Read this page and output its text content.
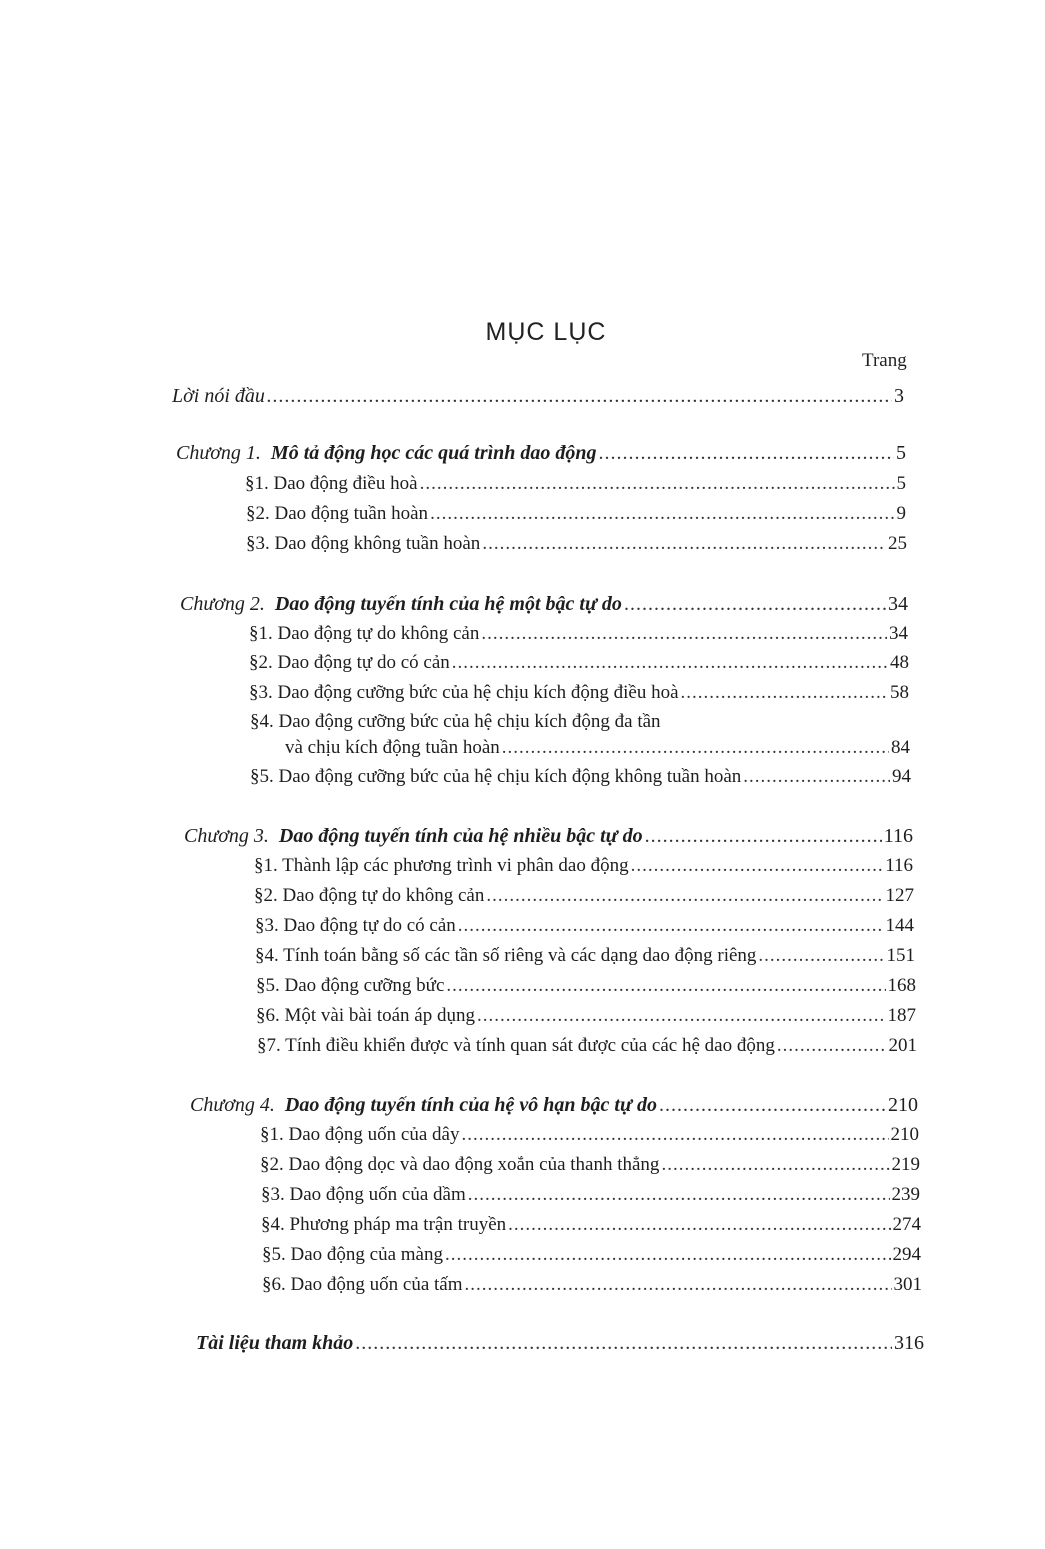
MỤC LỤC
Trang
Lời nói đầu .....	3
Chương 1. Mô tả động học các quá trình dao động .....	5
§1. Dao động điều hoà .....	5
§2. Dao động tuần hoàn .....	9
§3. Dao động không tuần hoàn .....	25
Chương 2. Dao động tuyến tính của hệ một bậc tự do .....	34
§1. Dao động tự do không cản .....	34
§2. Dao động tự do có cản .....	48
§3. Dao động cưỡng bức của hệ chịu kích động điều hoà .....	58
§4. Dao động cưỡng bức của hệ chịu kích động đa tần
và chịu kích động tuần hoàn .....	84
§5. Dao động cưỡng bức của hệ chịu kích động không tuần hoàn .....	94
Chương 3. Dao động tuyến tính của hệ nhiều bậc tự do .....	116
§1. Thành lập các phương trình vi phân dao động .....	116
§2. Dao động tự do không cản .....	127
§3. Dao động tự do có cản .....	144
§4. Tính toán bằng số các tần số riêng và các dạng dao động riêng .....	151
§5. Dao động cưỡng bức .....	168
§6. Một vài bài toán áp dụng .....	187
§7. Tính điều khiển được và tính quan sát được của các hệ dao động .....	201
Chương 4. Dao động tuyến tính của hệ vô hạn bậc tự do .....	210
§1. Dao động uốn của dây .....	210
§2. Dao động dọc và dao động xoắn của thanh thẳng .....	219
§3. Dao động uốn của dầm .....	239
§4. Phương pháp ma trận truyền .....	274
§5. Dao động của màng .....	294
§6. Dao động uốn của tấm .....	301
Tài liệu tham khảo .....	316
